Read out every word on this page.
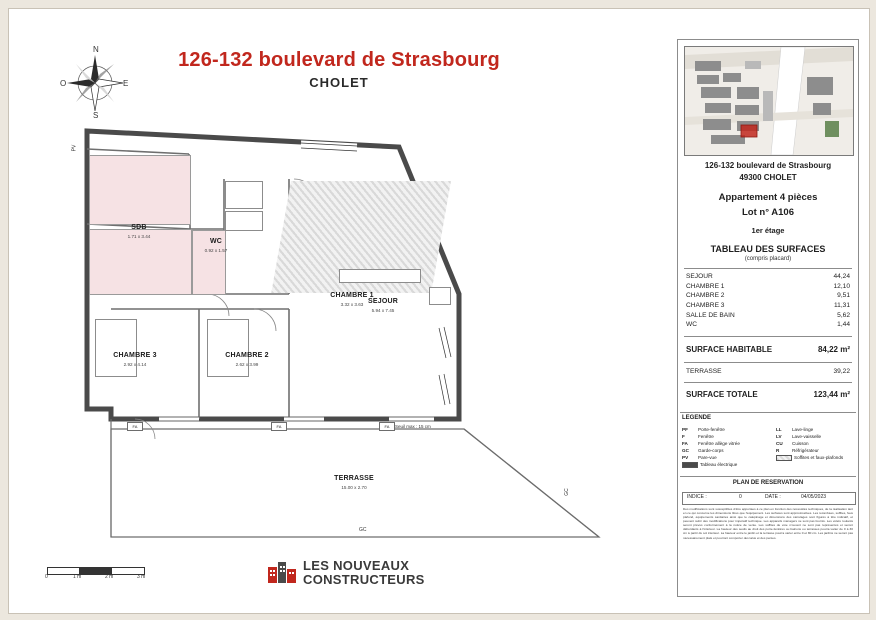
126-132 boulevard de Strasbourg
CHOLET
N
S
E
O
CHAMBRE 1
3.32 x 3.63
SDB
1.71 x 3.44
WC
0.92 x 1.57
SEJOUR
5.94 x 7.45
CHAMBRE 3
2.92 x 4.14
CHAMBRE 2
2.62 x 3.99
TERRASSE
15.00 x 2.70
Seuil max : 15 cm
FA	FA	FA
GC
GC
PV
0	1 m	2 m	3 m
LES NOUVEAUX
CONSTRUCTEURS
126-132 boulevard de Strasbourg
49300 CHOLET
Appartement 4 pièces
Lot n° A106
1er étage
TABLEAU DES SURFACES
(compris placard)
SEJOUR	44,24
CHAMBRE 1	12,10
CHAMBRE 2	9,51
CHAMBRE 3	11,31
SALLE DE BAIN	5,62
WC	1,44
SURFACE HABITABLE	84,22 m²
TERRASSE	39,22
SURFACE TOTALE	123,44 m²
LEGENDE
PF Porte-fenêtre
F	Fenêtre
FA Fenêtre allège vitrée
GC Garde-corps
PV Pare-vue
Tableau électrique
LL Lave-linge
LV Lave-vaisselle
CU Cuisson
R	Réfrigérateur
Soffites et faux-plafonds
PLAN DE RESERVATION
INDICE :	0	DATE :	04/05/2023
Des modifications sont susceptibles d'être apportées à ce plan en fonction des nécessités techniques, de la réalisation tant en ce qui concerne les dimensions litres que l'équipement. Les surfaces sont approximatives. Les retombées, soffites, faux plafond, équipements sanitaires ainsi que le calepinage et dimensions des carrelages sont figurés à titre indicatif, et peuvent subir des modifications pour impératif technique. Les appareils ménagers ne sont pas fournis. Les volets roulants seront prévus conformément à la notice de vente. Les soffites de voie n'ouvent ne sont pas représentés et seront débordants à l'intérieur. La hauteur des seuils au droit des porte-fenêtres ou balcons ou terrasses pourra varier de 0 à 30 cm à partir du sol intérieur. La hauteur entre le jardin et la terrasse pourra varier entre 0 et 80 cm. Les jardins ne seront pas nécessairement plats et pourront comporter des talus et des pentes.
